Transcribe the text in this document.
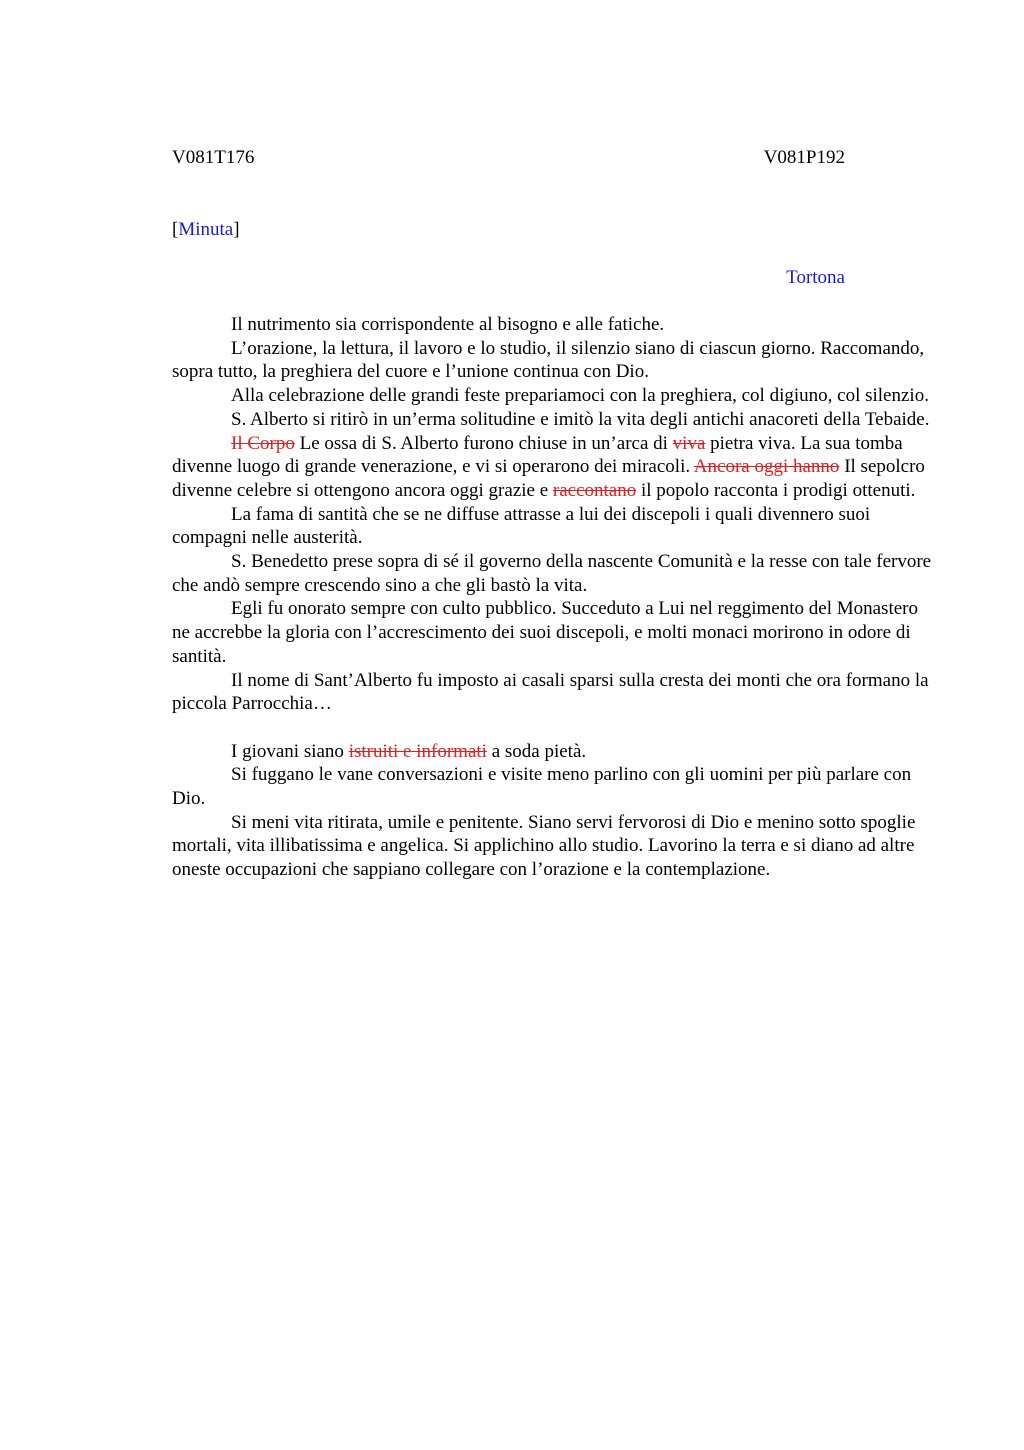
V081T176	V081P192
[Minuta]
Tortona

Il nutrimento sia corrispondente al bisogno e alle fatiche.

L’orazione, la lettura, il lavoro e lo studio, il silenzio siano di ciascun giorno. Raccomando, sopra tutto, la preghiera del cuore e l’unione continua con Dio.

Alla celebrazione delle grandi feste prepariamoci con la preghiera, col digiuno, col silenzio.

S. Alberto si ritirò in un’erma solitudine e imitò la vita degli antichi anacoreti della Tebaide.

Il Corpo Le ossa di S. Alberto furono chiuse in un’arca di viva pietra viva. La sua tomba divenne luogo di grande venerazione, e vi si operarono dei miracoli. Ancora oggi hanno Il sepolcro divenne celebre si ottengono ancora oggi grazie e raccontano il popolo racconta i prodigi ottenuti.

La fama di santità che se ne diffuse attrasse a lui dei discepoli i quali divennero suoi compagni nelle austerità.

S. Benedetto prese sopra di sé il governo della nascente Comunità e la resse con tale fervore che andò sempre crescendo sino a che gli bastò la vita.

Egli fu onorato sempre con culto pubblico. Succeduto a Lui nel reggimento del Monastero ne accrebbe la gloria con l’accrescimento dei suoi discepoli, e molti monaci morirono in odore di santità.

Il nome di Sant’Alberto fu imposto ai casali sparsi sulla cresta dei monti che ora formano la piccola Parrocchia…

I giovani siano istruiti e informati a soda pietà.

Si fuggano le vane conversazioni e visite meno parlino con gli uomini per più parlare con Dio.

Si meni vita ritirata, umile e penitente. Siano servi fervorosi di Dio e menino sotto spoglie mortali, vita illibatissima e angelica. Si applichino allo studio. Lavorino la terra e si diano ad altre oneste occupazioni che sappiano collegare con l’orazione e la contemplazione.
